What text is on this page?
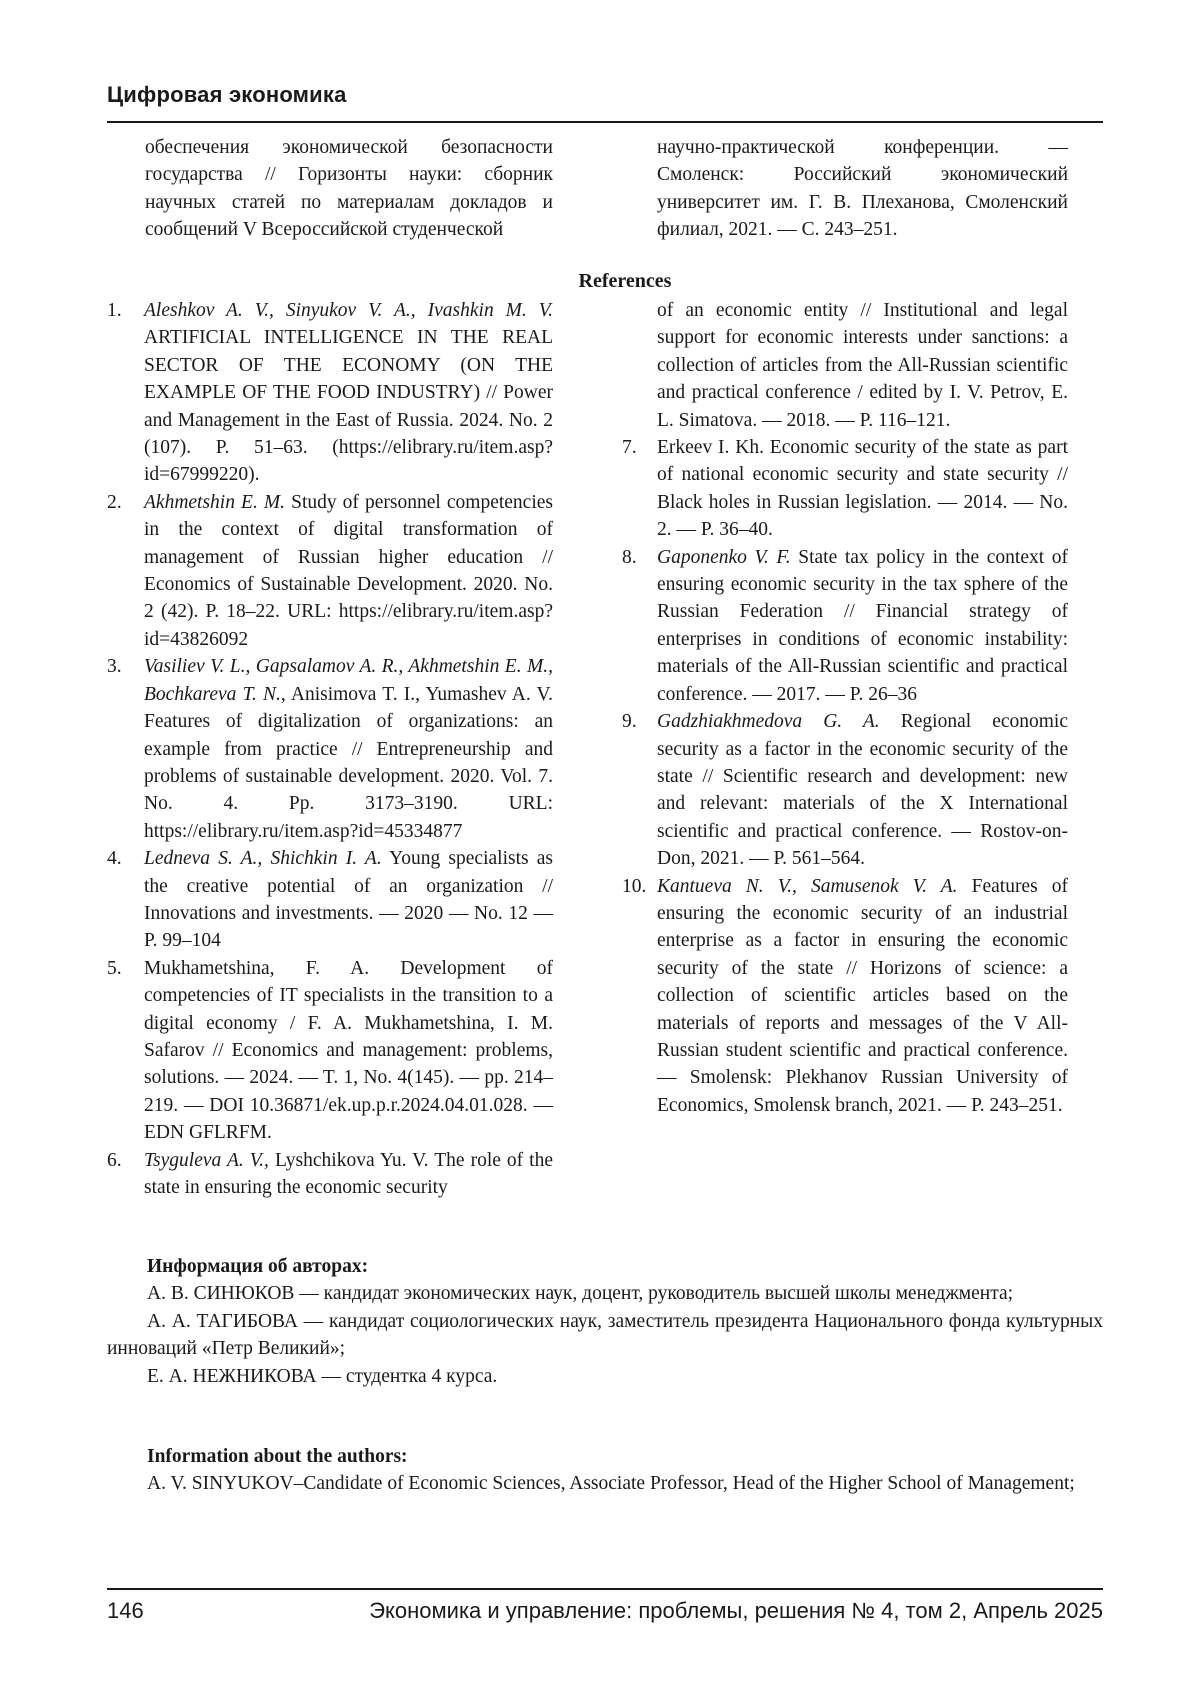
Цифровая экономика
обеспечения экономической безопасности государства // Горизонты науки: сборник научных статей по материалам докладов и сообщений V Всероссийской студенческой
научно-практической конференции. — Смоленск: Российский экономический университет им. Г. В. Плеханова, Смоленский филиал, 2021. — С. 243–251.
References
1.	Aleshkov A. V., Sinyukov V. A., Ivashkin M. V. ARTIFICIAL INTELLIGENCE IN THE REAL SECTOR OF THE ECONOMY (ON THE EXAMPLE OF THE FOOD INDUSTRY) // Power and Management in the East of Russia. 2024. No. 2 (107). P. 51–63. (https://elibrary.ru/item.asp?id=67999220).
2.	Akhmetshin E. M. Study of personnel competencies in the context of digital transformation of management of Russian higher education // Economics of Sustainable Development. 2020. No. 2 (42). P. 18–22. URL: https://elibrary.ru/item.asp?id=43826092
3.	Vasiliev V. L., Gapsalamov A. R., Akhmetshin E. M., Bochkareva T. N., Anisimova T. I., Yumashev A. V. Features of digitalization of organizations: an example from practice // Entrepreneurship and problems of sustainable development. 2020. Vol. 7. No. 4. Pp. 3173–3190. URL: https://elibrary.ru/item.asp?id=45334877
4.	Ledneva S. A., Shichkin I. A. Young specialists as the creative potential of an organization // Innovations and investments. — 2020 — No. 12 — P. 99–104
5.	Mukhametshina, F. A. Development of competencies of IT specialists in the transition to a digital economy / F. A. Mukhametshina, I. M. Safarov // Economics and management: problems, solutions. — 2024. — T. 1, No. 4(145). — pp. 214–219. — DOI 10.36871/ek.up.p.r.2024.04.01.028. — EDN GFLRFM.
6.	Tsyguleva A. V., Lyshchikova Yu. V. The role of the state in ensuring the economic security
of an economic entity // Institutional and legal support for economic interests under sanctions: a collection of articles from the All-Russian scientific and practical conference / edited by I. V. Petrov, E. L. Simatova. — 2018. — P. 116–121.
7.	Erkeev I. Kh. Economic security of the state as part of national economic security and state security // Black holes in Russian legislation. — 2014. — No. 2. — P. 36–40.
8.	Gaponenko V. F. State tax policy in the context of ensuring economic security in the tax sphere of the Russian Federation // Financial strategy of enterprises in conditions of economic instability: materials of the All-Russian scientific and practical conference. — 2017. — P. 26–36
9.	Gadzhiakhmedova G. A. Regional economic security as a factor in the economic security of the state // Scientific research and development: new and relevant: materials of the X International scientific and practical conference. — Rostov-on-Don, 2021. — P. 561–564.
10. Kantueva N. V., Samusenok V. A. Features of ensuring the economic security of an industrial enterprise as a factor in ensuring the economic security of the state // Horizons of science: a collection of scientific articles based on the materials of reports and messages of the V All-Russian student scientific and practical conference. — Smolensk: Plekhanov Russian University of Economics, Smolensk branch, 2021. — P. 243–251.
Информация об авторах:
А. В. СИНЮКОВ — кандидат экономических наук, доцент, руководитель высшей школы менеджмента;
А. А. ТАГИБОВА — кандидат социологических наук, заместитель президента Национального фонда культурных инноваций «Петр Великий»;
Е. А. НЕЖНИКОВА — студентка 4 курса.
Information about the authors:
A. V. SINYUKOV–Candidate of Economic Sciences, Associate Professor, Head of the Higher School of Management;
146	Экономика и управление: проблемы, решения № 4, том 2, Апрель 2025
